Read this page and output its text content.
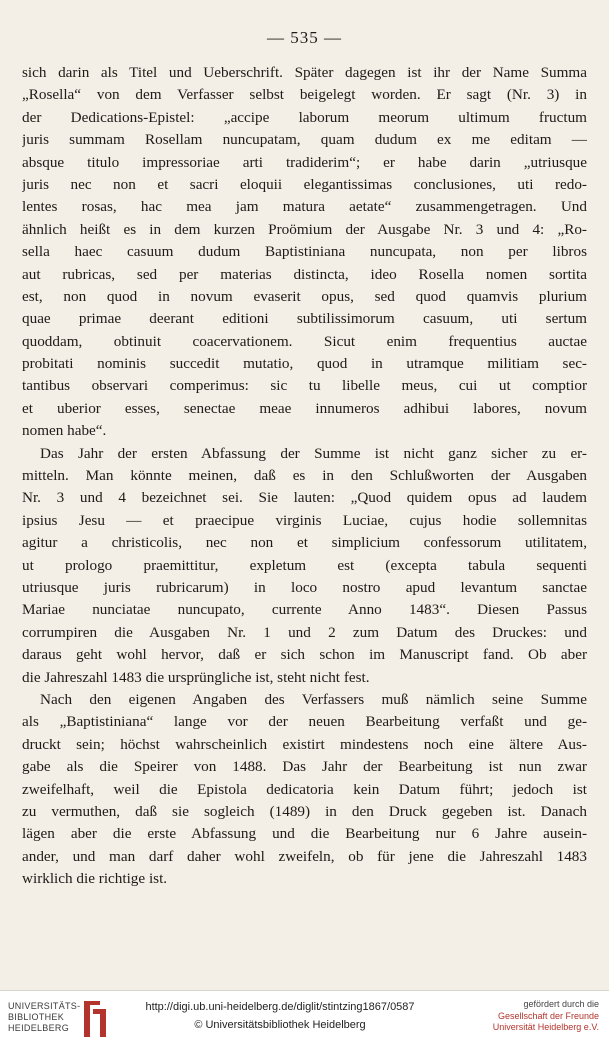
— 535 —
sich darin als Titel und Ueberschrift. Später dagegen ist ihr der Name Summa
„Rosella“ von dem Verfasser selbst beigelegt worden. Er sagt (Nr. 3) in
der Dedications-Epistel: „accipe laborum meorum ultimum fructum
juris summam Rosellam nuncupatam, quam dudum ex me editam —
absque titulo impressoriae arti tradiderim“; er habe darin „utriusque
juris nec non et sacri eloquii elegantissimas conclusiones, uti redo-
lentes rosas, hac mea jam matura aetate“ zusammengetragen. Und
ähnlich heißt es in dem kurzen Proömium der Ausgabe Nr. 3 und 4: „Ro-
sella haec casuum dudum Baptistiniana nuncupata, non per libros
aut rubricas, sed per materias distincta, ideo Rosella nomen sortita
est, non quod in novum evaserit opus, sed quod quamvis plurium
quae primae deerant editioni subtilissimorum casuum, uti sertum
quoddam, obtinuit coacervationem. Sicut enim frequentius auctae
probitati nominis succedit mutatio, quod in utramque militiam sec-
tantibus observari comperimus: sic tu libelle meus, cui ut comptior
et uberior esses, senectae meae innumeros adhibui labores, novum
nomen habe“.
Das Jahr der ersten Abfassung der Summe ist nicht ganz sicher zu er-
mitteln. Man könnte meinen, daß es in den Schlußworten der Ausgaben
Nr. 3 und 4 bezeichnet sei. Sie lauten: „Quod quidem opus ad laudem
ipsius Jesu — et praecipue virginis Luciae, cujus hodie sollemnitas
agitur a christicolis, nec non et simplicium confessorum utilitatem,
ut prologo praemittitur, expletum est (excepta tabula sequenti
utriusque juris rubricarum) in loco nostro apud levantum sanctae
Mariae nunciatae nuncupato, currente Anno 1483“. Diesen Passus
corrumpiren die Ausgaben Nr. 1 und 2 zum Datum des Druckes: und
daraus geht wohl hervor, daß er sich schon im Manuscript fand. Ob aber
die Jahreszahl 1483 die ursprüngliche ist, steht nicht fest.
Nach den eigenen Angaben des Verfassers muß nämlich seine Summe
als „Baptistiniana“ lange vor der neuen Bearbeitung verfaßt und ge-
druckt sein; höchst wahrscheinlich existirt mindestens noch eine ältere Aus-
gabe als die Speirer von 1488. Das Jahr der Bearbeitung ist nun zwar
zweifelhaft, weil die Epistola dedicatoria kein Datum führt; jedoch ist
zu vermuthen, daß sie sogleich (1489) in den Druck gegeben ist. Danach
lägen aber die erste Abfassung und die Bearbeitung nur 6 Jahre ausein-
ander, und man darf daher wohl zweifeln, ob für jene die Jahreszahl 1483
wirklich die richtige ist.
UNIVERSITÄTS-
BIBLIOTHEK
HEIDELBERG
http://digi.ub.uni-heidelberg.de/diglit/stintzing1867/0587
© Universitätsbibliothek Heidelberg
gefördert durch die
Gesellschaft der Freunde
Universität Heidelberg e.V.
